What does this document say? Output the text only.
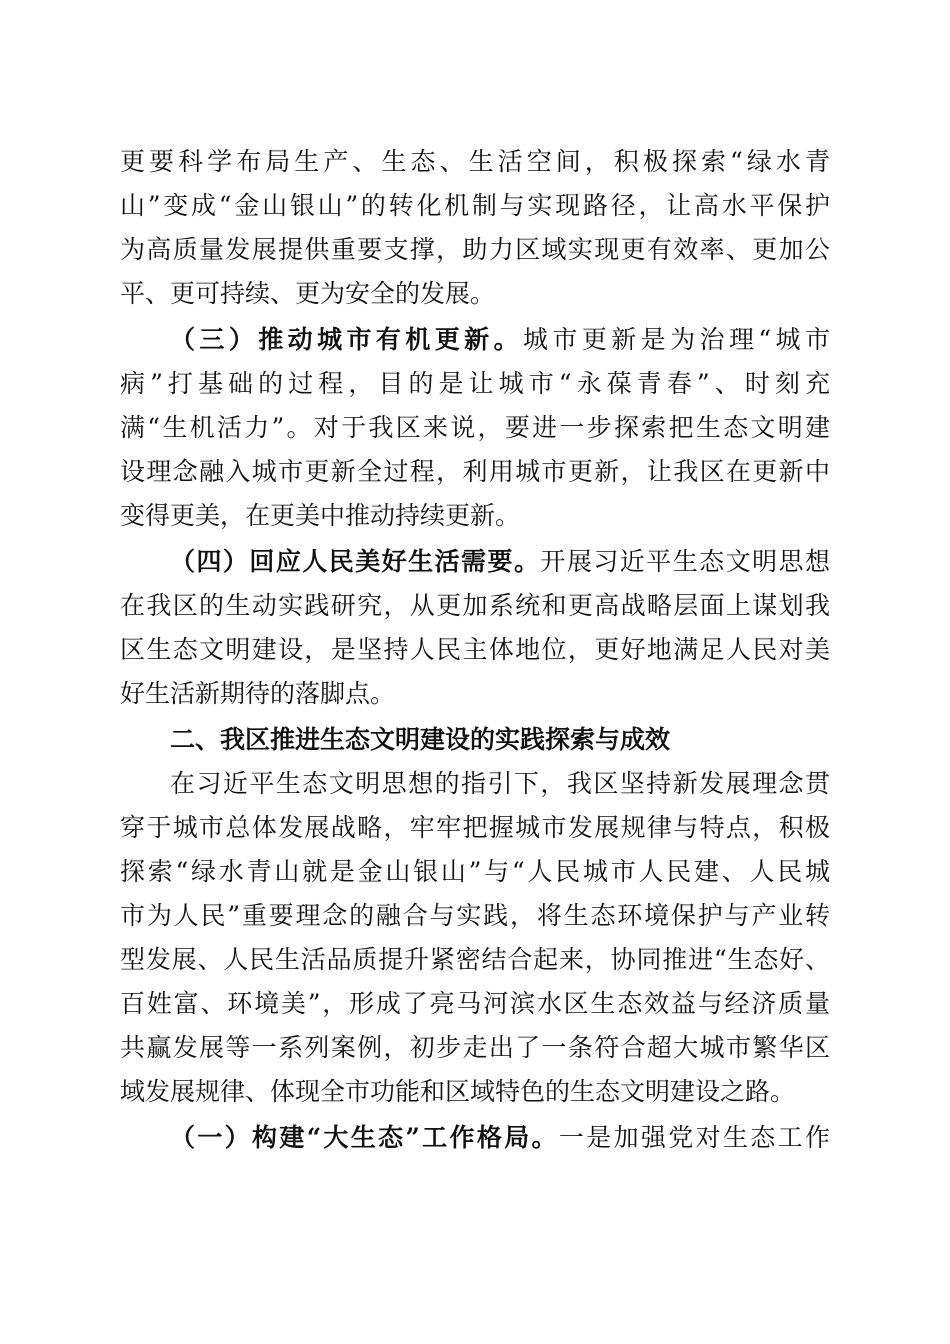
更要科学布局生产、生态、生活空间，积极探索“绿水青
山”变成“金山银山”的转化机制与实现路径，让高水平保护
为高质量发展提供重要支撑，助力区域实现更有效率、更加公
平、更可持续、更为安全的发展。
（三）推动城市有机更新。城市更新是为治理“城市
病”打基础的过程，目的是让城市“永葆青春”、时刻充
满“生机活力”。对于我区来说，要进一步探索把生态文明建
设理念融入城市更新全过程，利用城市更新，让我区在更新中
变得更美，在更美中推动持续更新。
（四）回应人民美好生活需要。开展习近平生态文明思想
在我区的生动实践研究，从更加系统和更高战略层面上谋划我
区生态文明建设，是坚持人民主体地位，更好地满足人民对美
好生活新期待的落脚点。
二、我区推进生态文明建设的实践探索与成效
在习近平生态文明思想的指引下，我区坚持新发展理念贯
穿于城市总体发展战略，牢牢把握城市发展规律与特点，积极
探索“绿水青山就是金山银山”与“人民城市人民建、人民城
市为人民”重要理念的融合与实践，将生态环境保护与产业转
型发展、人民生活品质提升紧密结合起来，协同推进“生态好、
百姓富、环境美”，形成了亮马河滨水区生态效益与经济质量
共赢发展等一系列案例，初步走出了一条符合超大城市繁华区
域发展规律、体现全市功能和区域特色的生态文明建设之路。
（一）构建“大生态”工作格局。一是加强党对生态工作
